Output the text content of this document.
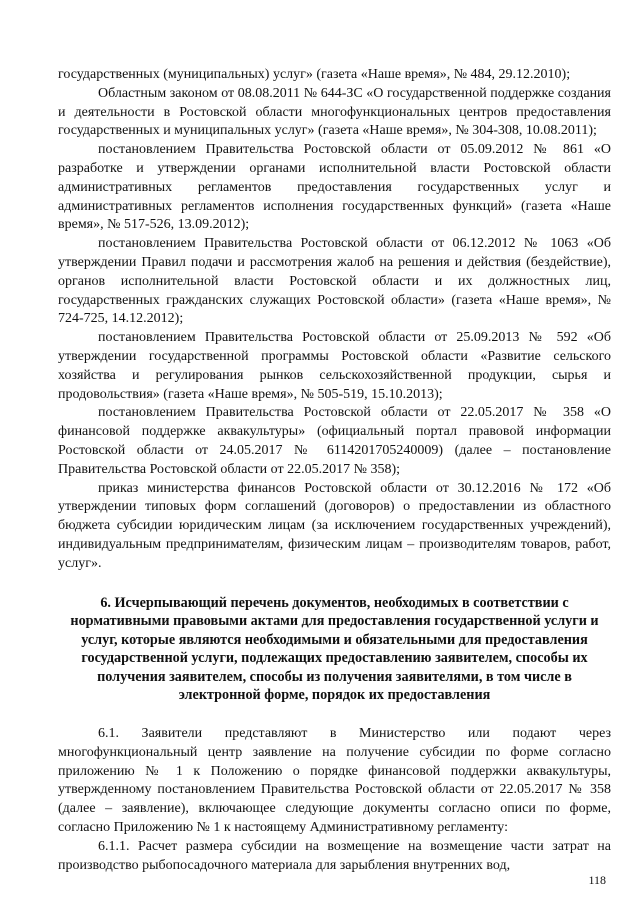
государственных (муниципальных) услуг» (газета «Наше время», № 484, 29.12.2010);

Областным законом от 08.08.2011 № 644-ЗС «О государственной поддержке создания и деятельности в Ростовской области многофункциональных центров предоставления государственных и муниципальных услуг» (газета «Наше время», № 304-308, 10.08.2011);

постановлением Правительства Ростовской области от 05.09.2012 № 861 «О разработке и утверждении органами исполнительной власти Ростовской области административных регламентов предоставления государственных услуг и административных регламентов исполнения государственных функций» (газета «Наше время», № 517-526, 13.09.2012);

постановлением Правительства Ростовской области от 06.12.2012 № 1063 «Об утверждении Правил подачи и рассмотрения жалоб на решения и действия (бездействие), органов исполнительной власти Ростовской области и их должностных лиц, государственных гражданских служащих Ростовской области» (газета «Наше время», № 724-725, 14.12.2012);

постановлением Правительства Ростовской области от 25.09.2013 № 592 «Об утверждении государственной программы Ростовской области «Развитие сельского хозяйства и регулирования рынков сельскохозяйственной продукции, сырья и продовольствия» (газета «Наше время», № 505-519, 15.10.2013);

постановлением Правительства Ростовской области от 22.05.2017 № 358 «О финансовой поддержке аквакультуры» (официальный портал правовой информации Ростовской области от 24.05.2017 № 6114201705240009) (далее – постановление Правительства Ростовской области от 22.05.2017 № 358);

приказ министерства финансов Ростовской области от 30.12.2016 № 172 «Об утверждении типовых форм соглашений (договоров) о предоставлении из областного бюджета субсидии юридическим лицам (за исключением государственных учреждений), индивидуальным предпринимателям, физическим лицам – производителям товаров, работ, услуг».

6. Исчерпывающий перечень документов, необходимых в соответствии с нормативными правовыми актами для предоставления государственной услуги и услуг, которые являются необходимыми и обязательными для предоставления государственной услуги, подлежащих предоставлению заявителем, способы их получения заявителем, способы из получения заявителями, в том числе в электронной форме, порядок их предоставления

6.1. Заявители представляют в Министерство или подают через многофункциональный центр заявление на получение субсидии по форме согласно приложению № 1 к Положению о порядке финансовой поддержки аквакультуры, утвержденному постановлением Правительства Ростовской области от 22.05.2017 № 358 (далее – заявление), включающее следующие документы согласно описи по форме, согласно Приложению № 1 к настоящему Административному регламенту:

6.1.1. Расчет размера субсидии на возмещение на возмещение части затрат на производство рыбопосадочного материала для зарыбления внутренних вод,

118
